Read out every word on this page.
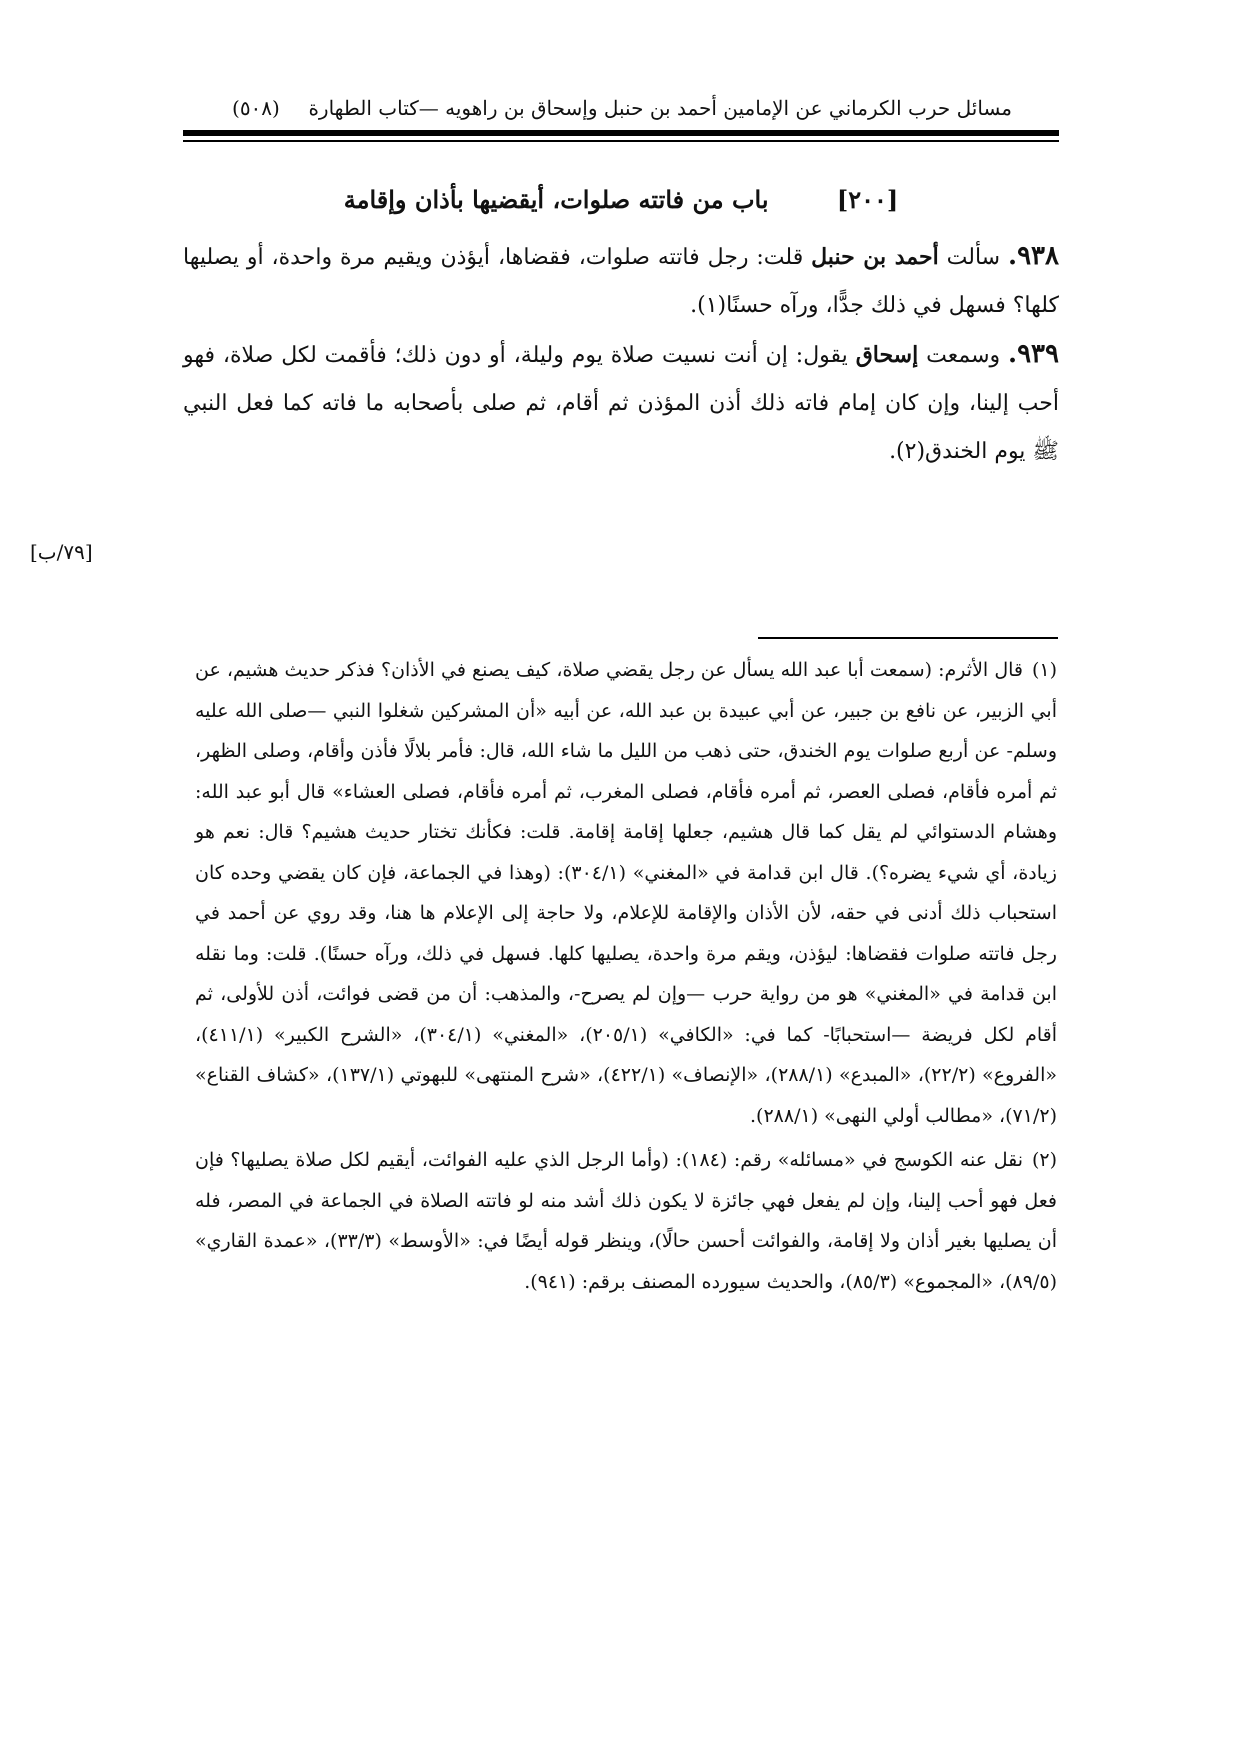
مسائل حرب الكرماني عن الإمامين أحمد بن حنبل وإسحاق بن راهويه —كتاب الطهارة
(٥٠٨)
[٢٠٠] باب من فاتته صلوات، أيقضيها بأذان وإقامة

٩٣٨. سألت أحمد بن حنبل قلت: رجل فاتته صلوات، فقضاها، أيؤذن ويقيم مرة واحدة، أو يصليها كلها؟ فسهل في ذلك جدًّا، ورآه حسنًا(١).

٩٣٩. وسمعت إسحاق يقول: إن أنت نسيت صلاة يوم وليلة، أو دون ذلك؛ فأقمت لكل صلاة، فهو أحب إلينا، وإن كان إمام فاته ذلك أذن المؤذن ثم أقام، ثم صلى بأصحابه ما فاته كما فعل النبي ﷺ يوم الخندق(٢).

[٧٩/ب]

(١)قال الأثرم: (سمعت أبا عبد الله يسأل عن رجل يقضي صلاة، كيف يصنع في الأذان؟ فذكر حديث هشيم، عن أبي الزبير، عن نافع بن جبير، عن أبي عبيدة بن عبد الله، عن أبيه «أن المشركين شغلوا النبي —صلى الله عليه وسلم- عن أربع صلوات يوم الخندق، حتى ذهب من الليل ما شاء الله، قال: فأمر بلالًا فأذن وأقام، وصلى الظهر، ثم أمره فأقام، فصلى العصر، ثم أمره فأقام، فصلى المغرب، ثم أمره فأقام، فصلى العشاء» قال أبو عبد الله: وهشام الدستوائي لم يقل كما قال هشيم، جعلها إقامة إقامة. قلت: فكأنك تختار حديث هشيم؟ قال: نعم هو زيادة، أي شيء يضره؟). قال ابن قدامة في «المغني» (٣٠٤/١): (وهذا في الجماعة، فإن كان يقضي وحده كان استحباب ذلك أدنى في حقه، لأن الأذان والإقامة للإعلام، ولا حاجة إلى الإعلام ها هنا، وقد روي عن أحمد في رجل فاتته صلوات فقضاها: ليؤذن، ويقم مرة واحدة، يصليها كلها. فسهل في ذلك، ورآه حسنًا). قلت: وما نقله ابن قدامة في «المغني» هو من رواية حرب —وإن لم يصرح-، والمذهب: أن من قضى فوائت، أذن للأولى، ثم أقام لكل فريضة —استحبابًا- كما في: «الكافي» (٢٠٥/١)، «المغني» (٣٠٤/١)، «الشرح الكبير» (٤١١/١)، «الفروع» (٢٢/٢)، «المبدع» (٢٨٨/١)، «الإنصاف» (٤٢٢/١)، «شرح المنتهى» للبهوتي (١٣٧/١)، «كشاف القناع» (٧١/٢)، «مطالب أولي النهى» (٢٨٨/١).

(٢)نقل عنه الكوسج في «مسائله» رقم: (١٨٤): (وأما الرجل الذي عليه الفوائت، أيقيم لكل صلاة يصليها؟ فإن فعل فهو أحب إلينا، وإن لم يفعل فهي جائزة لا يكون ذلك أشد منه لو فاتته الصلاة في الجماعة في المصر، فله أن يصليها بغير أذان ولا إقامة، والفوائت أحسن حالًا)، وينظر قوله أيضًا في: «الأوسط» (٣٣/٣)، «عمدة القاري» (٨٩/٥)، «المجموع» (٨٥/٣)، والحديث سيورده المصنف برقم: (٩٤١).
